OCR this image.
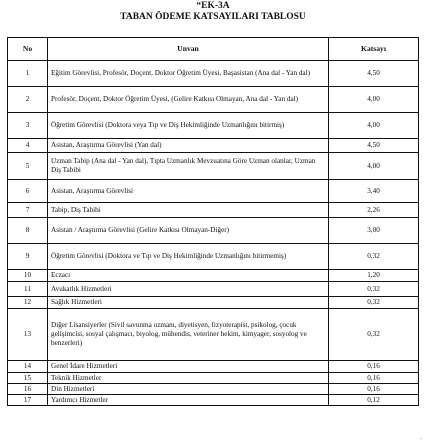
“EK-3A
TABAN ÖDEME KATSAYILARI TABLOSU
No	Unvan	Katsayı
1	Eğitim Görevlisi, Profesör, Doçent, Doktor Öğretim Üyesi, Başasistan (Ana dal - Yan dal)	4,50
2	Profesör, Doçent, Doktor Öğretim Üyesi, (Gelire Katkısı Olmayan, Ana dal - Yan dal)	4,00
3	Öğretim Görevlisi (Doktora veya Tıp ve Diş Hekimliğinde Uzmanlığını bitirmiş)	4,00
4	Asistan, Araştırma Görevlisi (Yan dal)	4,50
5	Uzman Tabip (Ana dal - Yan dal), Tıpta Uzmanlık Mevzuatına Göre Uzman olanlar, Uzman Diş Tabibi	4,00
6	Asistan, Araştırma Görevlisi	3,40
7	Tabip, Diş Tabibi	2,26
8	Asistan / Araştırma Görevlisi (Gelire Katkısı Olmayan-Diğer)	3,00
9	Öğretim Görevlisi (Doktora ve Tıp ve Diş Hekimliğinde Uzmanlığını bitirmemiş)	0,32
10	Eczacı	1,20
11	Avukatlık Hizmetleri	0,32
12	Sağlık Hizmetleri	0,32
13	Diğer Lisansiyerler (Sivil savunma uzmanı, diyetisyen, fizyoterapist, psikolog, çocuk gelişimcisi, sosyal çalışmacı, biyolog, mühendis, veteriner hekim, kimyager, sosyolog ve benzerleri)	0,32
14	Genel İdare Hizmetleri	0,16
15	Teknik Hizmetler	0,16
16	Din Hizmetleri	0,16
17	Yardımcı Hizmetler	0,12
”
